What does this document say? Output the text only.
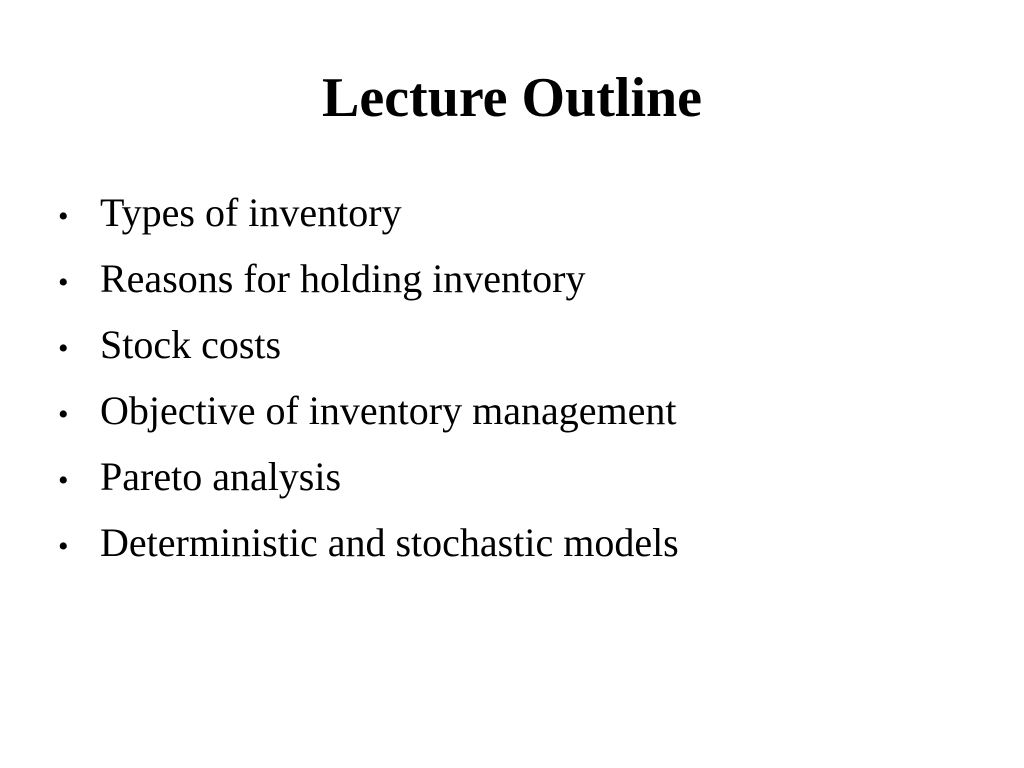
Lecture Outline
• Types of inventory
• Reasons for holding inventory
• Stock costs
• Objective of inventory management
• Pareto analysis
• Deterministic and stochastic models
